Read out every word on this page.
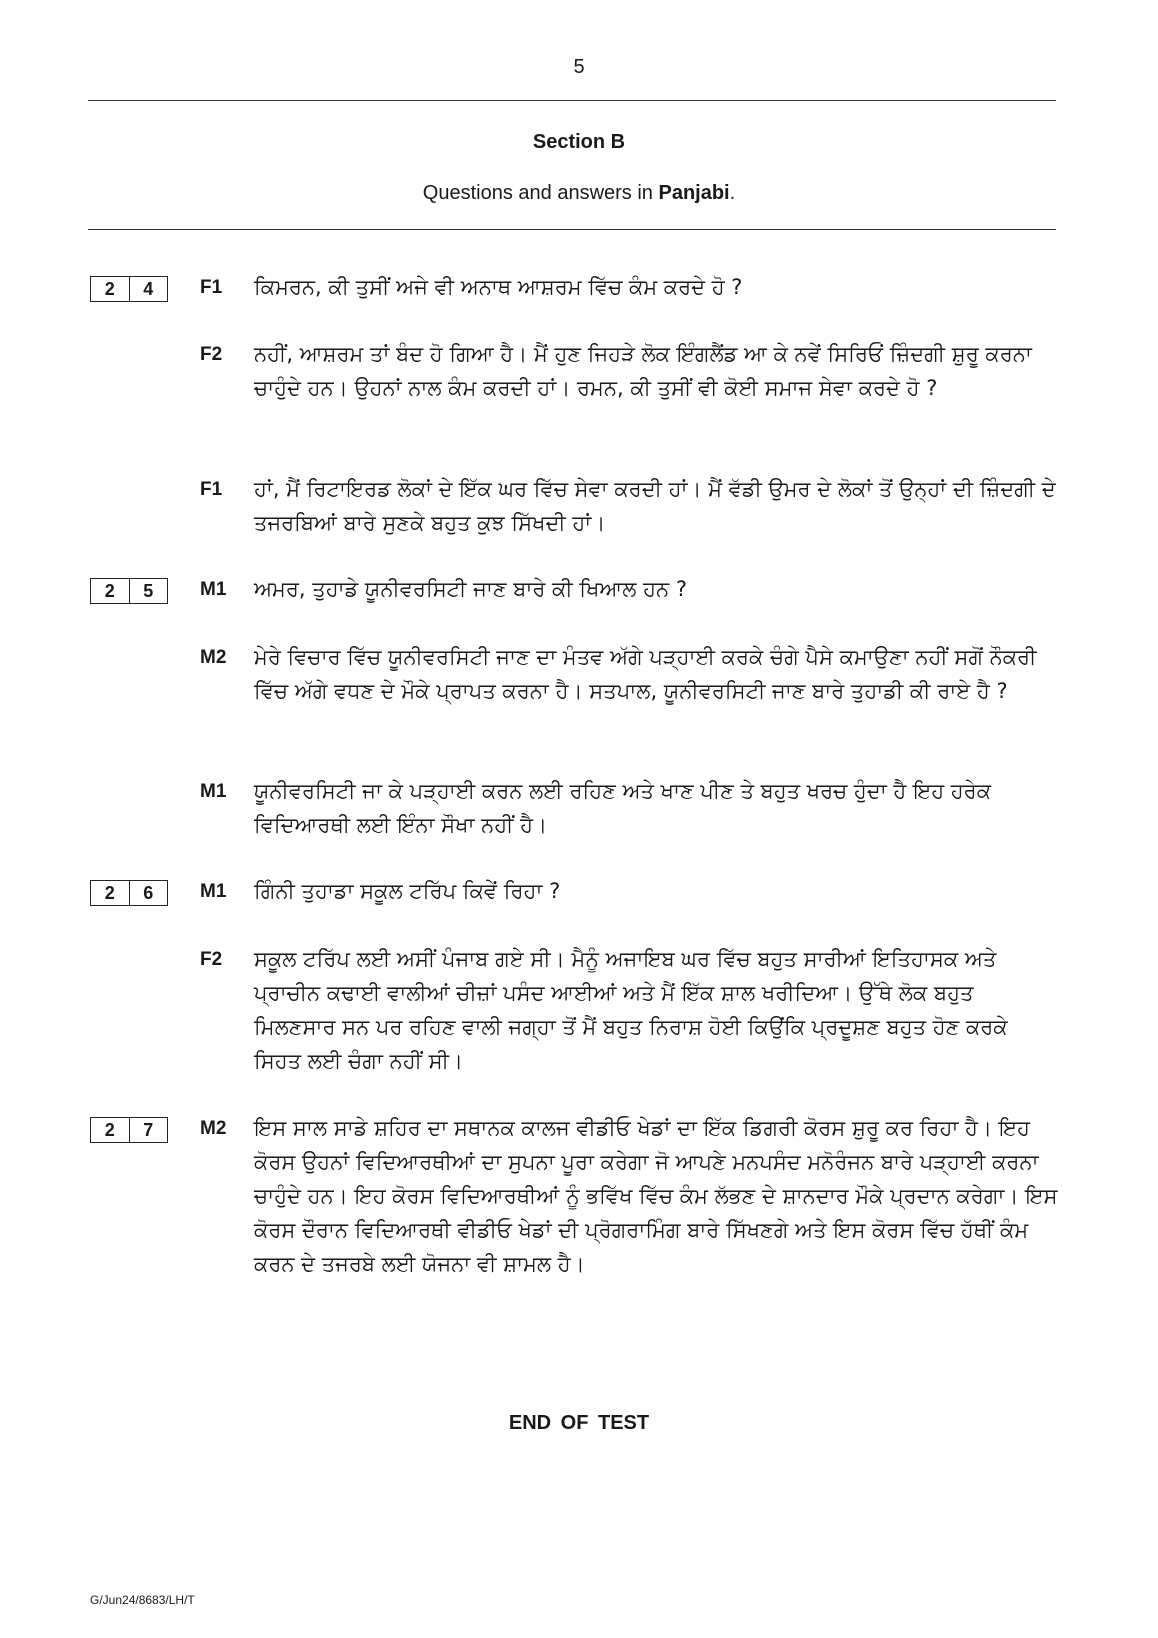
5
Section B
Questions and answers in Panjabi.
2	4	F1 ਕਿਮਰਨ, ਕੀ ਤੁਸੀਂ ਅਜੇ ਵੀ ਅਨਾਥ ਆਸ਼ਰਮ ਵਿੱਚ ਕੰਮ ਕਰਦੇ ਹੋ ?
F2 ਨਹੀਂ, ਆਸ਼ਰਮ ਤਾਂ ਬੰਦ ਹੋ ਗਿਆ ਹੈ। ਮੈਂ ਹੁਣ ਜਿਹੜੇ ਲੋਕ ਇੰਗਲੈਂਡ ਆ ਕੇ ਨਵੇਂ ਸਿਰਿਓਂ ਜ਼ਿੰਦਗੀ ਸ਼ੁਰੂ ਕਰਨਾ ਚਾਹੁੰਦੇ ਹਨ। ਉਹਨਾਂ ਨਾਲ ਕੰਮ ਕਰਦੀ ਹਾਂ। ਰਮਨ, ਕੀ ਤੁਸੀਂ ਵੀ ਕੋਈ ਸਮਾਜ ਸੇਵਾ ਕਰਦੇ ਹੋ ?
F1 ਹਾਂ, ਮੈਂ ਰਿਟਾਇਰਡ ਲੋਕਾਂ ਦੇ ਇੱਕ ਘਰ ਵਿੱਚ ਸੇਵਾ ਕਰਦੀ ਹਾਂ। ਮੈਂ ਵੱਡੀ ਉਮਰ ਦੇ ਲੋਕਾਂ ਤੋਂ ਉਨ੍ਹਾਂ ਦੀ ਜ਼ਿੰਦਗੀ ਦੇ ਤਜਰਬਿਆਂ ਬਾਰੇ ਸੁਣਕੇ ਬਹੁਤ ਕੁਝ ਸਿੱਖਦੀ ਹਾਂ।
2	5	M1 ਅਮਰ, ਤੁਹਾਡੇ ਯੂਨੀਵਰਸਿਟੀ ਜਾਣ ਬਾਰੇ ਕੀ ਖਿਆਲ ਹਨ ?
M2 ਮੇਰੇ ਵਿਚਾਰ ਵਿੱਚ ਯੂਨੀਵਰਸਿਟੀ ਜਾਣ ਦਾ ਮੰਤਵ ਅੱਗੇ ਪੜ੍ਹਾਈ ਕਰਕੇ ਚੰਗੇ ਪੈਸੇ ਕਮਾਉਣਾ ਨਹੀਂ ਸਗੋਂ ਨੌਕਰੀ ਵਿੱਚ ਅੱਗੇ ਵਧਣ ਦੇ ਮੌਕੇ ਪ੍ਰਾਪਤ ਕਰਨਾ ਹੈ। ਸਤਪਾਲ, ਯੂਨੀਵਰਸਿਟੀ ਜਾਣ ਬਾਰੇ ਤੁਹਾਡੀ ਕੀ ਰਾਏ ਹੈ ?
M1 ਯੂਨੀਵਰਸਿਟੀ ਜਾ ਕੇ ਪੜ੍ਹਾਈ ਕਰਨ ਲਈ ਰਹਿਣ ਅਤੇ ਖਾਣ ਪੀਣ ਤੇ ਬਹੁਤ ਖਰਚ ਹੁੰਦਾ ਹੈ ਇਹ ਹਰੇਕ ਵਿਦਿਆਰਥੀ ਲਈ ਇੰਨਾ ਸੌਖਾ ਨਹੀਂ ਹੈ।
2	6	M1 ਗਿੰਨੀ ਤੁਹਾਡਾ ਸਕੂਲ ਟਰਿੱਪ ਕਿਵੇਂ ਰਿਹਾ ?
F2 ਸਕੂਲ ਟਰਿੱਪ ਲਈ ਅਸੀਂ ਪੰਜਾਬ ਗਏ ਸੀ। ਮੈਨੂੰ ਅਜਾਇਬ ਘਰ ਵਿੱਚ ਬਹੁਤ ਸਾਰੀਆਂ ਇਤਿਹਾਸਕ ਅਤੇ ਪ੍ਰਾਚੀਨ ਕਢਾਈ ਵਾਲੀਆਂ ਚੀਜ਼ਾਂ ਪਸੰਦ ਆਈਆਂ ਅਤੇ ਮੈਂ ਇੱਕ ਸ਼ਾਲ ਖਰੀਦਿਆ। ਉੱਥੇ ਲੋਕ ਬਹੁਤ ਮਿਲਣਸਾਰ ਸਨ ਪਰ ਰਹਿਣ ਵਾਲੀ ਜਗ੍ਹਾ ਤੋਂ ਮੈਂ ਬਹੁਤ ਨਿਰਾਸ਼ ਹੋਈ ਕਿਉਂਕਿ ਪ੍ਰਦੂਸ਼ਣ ਬਹੁਤ ਹੋਣ ਕਰਕੇ ਸਿਹਤ ਲਈ ਚੰਗਾ ਨਹੀਂ ਸੀ।
2	7	M2 ਇਸ ਸਾਲ ਸਾਡੇ ਸ਼ਹਿਰ ਦਾ ਸਥਾਨਕ ਕਾਲਜ ਵੀਡੀਓ ਖੇਡਾਂ ਦਾ ਇੱਕ ਡਿਗਰੀ ਕੋਰਸ ਸ਼ੁਰੂ ਕਰ ਰਿਹਾ ਹੈ। ਇਹ ਕੋਰਸ ਉਹਨਾਂ ਵਿਦਿਆਰਥੀਆਂ ਦਾ ਸੁਪਨਾ ਪੂਰਾ ਕਰੇਗਾ ਜੋ ਆਪਣੇ ਮਨਪਸੰਦ ਮਨੋਰੰਜਨ ਬਾਰੇ ਪੜ੍ਹਾਈ ਕਰਨਾ ਚਾਹੁੰਦੇ ਹਨ। ਇਹ ਕੋਰਸ ਵਿਦਿਆਰਥੀਆਂ ਨੂੰ ਭਵਿੱਖ ਵਿੱਚ ਕੰਮ ਲੱਭਣ ਦੇ ਸ਼ਾਨਦਾਰ ਮੌਕੇ ਪ੍ਰਦਾਨ ਕਰੇਗਾ। ਇਸ ਕੋਰਸ ਦੌਰਾਨ ਵਿਦਿਆਰਥੀ ਵੀਡੀਓ ਖੇਡਾਂ ਦੀ ਪ੍ਰੋਗਰਾਮਿੰਗ ਬਾਰੇ ਸਿੱਖਣਗੇ ਅਤੇ ਇਸ ਕੋਰਸ ਵਿੱਚ ਹੱਥੀਂ ਕੰਮ ਕਰਨ ਦੇ ਤਜਰਬੇ ਲਈ ਯੋਜਨਾ ਵੀ ਸ਼ਾਮਲ ਹੈ।
END OF TEST
G/Jun24/8683/LH/T
